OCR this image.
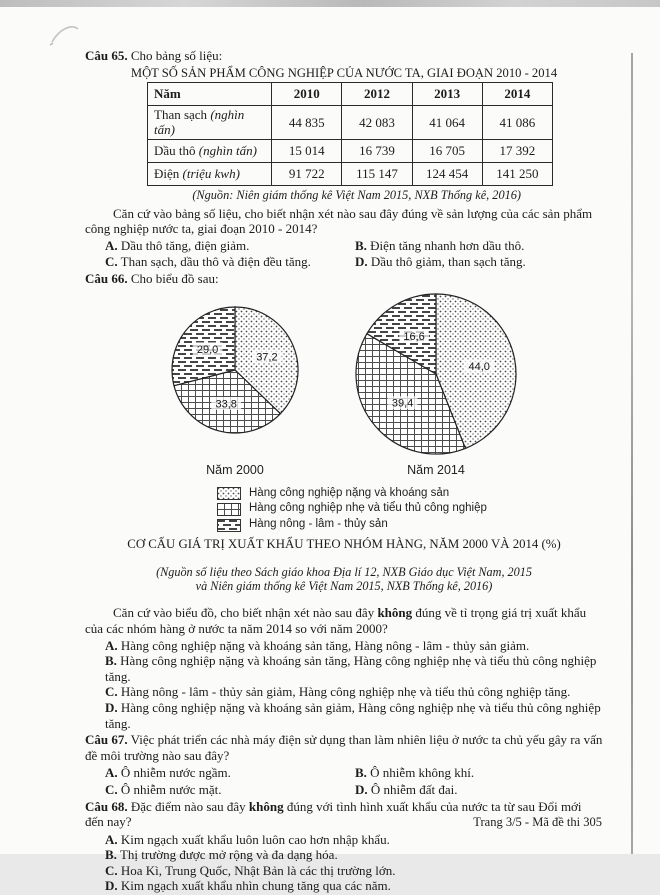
Câu 65. Cho bảng số liệu:

MỘT SỐ SẢN PHẨM CÔNG NGHIỆP CỦA NƯỚC TA, GIAI ĐOẠN 2010 - 2014

Năm	2010	2012	2013	2014
Than sạch (nghìn tấn)	44 835	42 083	41 064	41 086
Dầu thô (nghìn tấn)	15 014	16 739	16 705	17 392
Điện (triệu kwh)	91 722	115 147	124 454	141 250

(Nguồn: Niên giám thống kê Việt Nam 2015, NXB Thống kê, 2016)

Căn cứ vào bảng số liệu, cho biết nhận xét nào sau đây đúng về sản lượng của các sản phẩm công nghiệp nước ta, giai đoạn 2010 - 2014?

A. Dầu thô tăng, điện giảm.	B. Điện tăng nhanh hơn dầu thô.

C. Than sạch, dầu thô và điện đều tăng.	D. Dầu thô giảm, than sạch tăng.

Câu 66. Cho biểu đồ sau:

37,2
33,8
29,0
Năm 2000
44,0
39,4
16,6
Năm 2014
Hàng công nghiệp nặng và khoáng sản
Hàng công nghiệp nhẹ và tiểu thủ công nghiệp
Hàng nông - lâm - thủy sản

CƠ CẤU GIÁ TRỊ XUẤT KHẨU THEO NHÓM HÀNG, NĂM 2000 VÀ 2014 (%)

(Nguồn số liệu theo Sách giáo khoa Địa lí 12, NXB Giáo dục Việt Nam, 2015
và Niên giám thống kê Việt Nam 2015, NXB Thống kê, 2016)

Căn cứ vào biểu đồ, cho biết nhận xét nào sau đây không đúng về tỉ trọng giá trị xuất khẩu của các nhóm hàng ở nước ta năm 2014 so với năm 2000?

A. Hàng công nghiệp nặng và khoáng sản tăng, Hàng nông - lâm - thủy sản giảm.

B. Hàng công nghiệp nặng và khoáng sản tăng, Hàng công nghiệp nhẹ và tiểu thủ công nghiệp tăng.

C. Hàng nông - lâm - thủy sản giảm, Hàng công nghiệp nhẹ và tiểu thủ công nghiệp tăng.

D. Hàng công nghiệp nặng và khoáng sản giảm, Hàng công nghiệp nhẹ và tiểu thủ công nghiệp tăng.

Câu 67. Việc phát triển các nhà máy điện sử dụng than làm nhiên liệu ở nước ta chủ yếu gây ra vấn đề môi trường nào sau đây?

A. Ô nhiễm nước ngầm.	B. Ô nhiễm không khí.

C. Ô nhiễm nước mặt.	D. Ô nhiễm đất đai.

Câu 68. Đặc điểm nào sau đây không đúng với tình hình xuất khẩu của nước ta từ sau Đổi mới đến nay?

A. Kim ngạch xuất khẩu luôn luôn cao hơn nhập khẩu.

B. Thị trường được mở rộng và đa dạng hóa.

C. Hoa Kì, Trung Quốc, Nhật Bản là các thị trường lớn.

D. Kim ngạch xuất khẩu nhìn chung tăng qua các năm.

Trang 3/5 - Mã đề thi 305
